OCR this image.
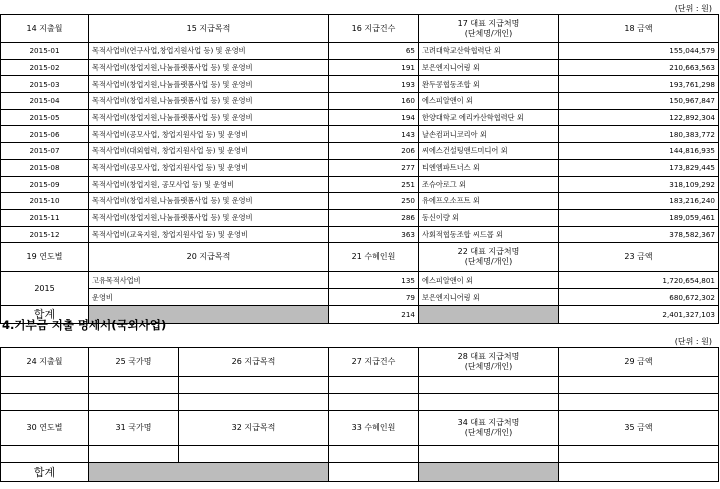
(단위 : 원)
14 지출월	15 지급목적	16 지급건수	17 대표 지급처명
(단체명/개인)	18 금액
2015-01	목적사업비(연구사업,창업지원사업 등) 및 운영비	65	고려대학교산학협력단 외	155,044,579
2015-02	목적사업비(창업지원,나눔플랫폼사업 등) 및 운영비	191	보은엔지니어링 외	210,663,563
2015-03	목적사업비(창업지원,나눔플랫폼사업 등) 및 운영비	193	완두콩협동조합 외	193,761,298
2015-04	목적사업비(창업지원,나눔플랫폼사업 등) 및 운영비	160	에스피알앤이 외	150,967,847
2015-05	목적사업비(창업지원,나눔플랫폼사업 등) 및 운영비	194	한양대학교 에리카산학협력단 외	122,892,304
2015-06	목적사업비(공모사업, 창업지원사업 등) 및 운영비	143	날손컴퍼니코리아 외	180,383,772
2015-07	목적사업비(대외협력, 창업지원사업 등) 및 운영비	206	씨에스건설팅앤드미디어 외	144,816,935
2015-08	목적사업비(공모사업, 창업지원사업 등) 및 운영비	277	티엔엠파트너스 외	173,829,445
2015-09	목적사업비(창업지원, 공모사업 등) 및 운영비	251	조슈아로그 외	318,109,292
2015-10	목적사업비(창업지원,나눔플랫폼사업 등) 및 운영비	250	유에프오소프트 외	183,216,240
2015-11	목적사업비(창업지원,나눔플랫폼사업 등) 및 운영비	286	동신이량 외	189,059,461
2015-12	목적사업비(교육지원, 창업지원사업 등) 및 운영비	363	사회적협동조합 씨드콥 외	378,582,367
19 연도별	20 지급목적	21 수혜인원	22 대표 지급처명
(단체명/개인)	23 금액
2015	고유목적사업비	135	에스피알앤이 외	1,720,654,801
	운영비	79	보은엔지니어링 외	680,672,302
합계		214		2,401,327,103
4.기부금 지출 명세서(국외사업)
(단위 : 원)
24 지출월	25 국가명	26 지급목적	27 지급건수	28 대표 지급처명
(단체명/개인)	29 금액

30 연도별	31 국가명	32 지급목적	33 수혜인원	34 대표 지급처명
(단체명/개인)	35 금액

합계					
